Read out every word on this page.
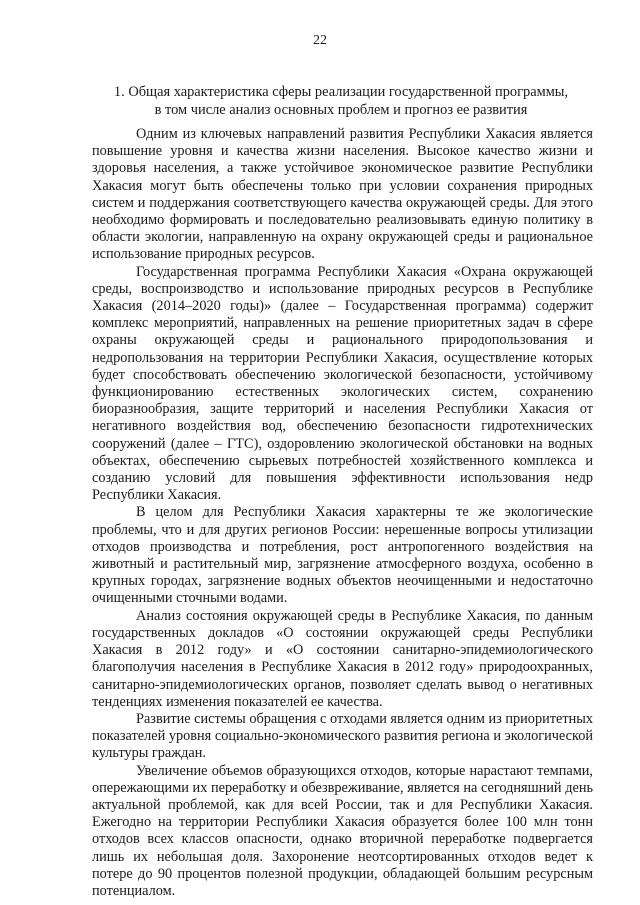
22
1. Общая характеристика сферы реализации государственной программы,
в том числе анализ основных проблем и прогноз ее развития

Одним из ключевых направлений развития Республики Хакасия является повышение уровня и качества жизни населения. Высокое качество жизни и здоровья населения, а также устойчивое экономическое развитие Республики Хакасия могут быть обеспечены только при условии сохранения природных систем и поддержания соответствующего качества окружающей среды. Для этого необходимо формировать и последовательно реализовывать единую политику в области экологии, направленную на охрану окружающей среды и рациональное использование природных ресурсов.

Государственная программа Республики Хакасия «Охрана окружающей среды, воспроизводство и использование природных ресурсов в Республике Хакасия (2014–2020 годы)» (далее – Государственная программа) содержит комплекс мероприятий, направленных на решение приоритетных задач в сфере охраны окружающей среды и рационального природопользования и недропользования на территории Республики Хакасия, осуществление которых будет способствовать обеспечению экологической безопасности, устойчивому функционированию естественных экологических систем, сохранению биоразнообразия, защите территорий и населения Республики Хакасия от негативного воздействия вод, обеспечению безопасности гидротехнических сооружений (далее – ГТС), оздоровлению экологической обстановки на водных объектах, обеспечению сырьевых потребностей хозяйственного комплекса и созданию условий для повышения эффективности использования недр Республики Хакасия.

В целом для Республики Хакасия характерны те же экологические проблемы, что и для других регионов России: нерешенные вопросы утилизации отходов производства и потребления, рост антропогенного воздействия на животный и растительный мир, загрязнение атмосферного воздуха, особенно в крупных городах, загрязнение водных объектов неочищенными и недостаточно очищенными сточными водами.

Анализ состояния окружающей среды в Республике Хакасия, по данным государственных докладов «О состоянии окружающей среды Республики Хакасия в 2012 году» и «О состоянии санитарно-эпидемиологического благополучия населения в Республике Хакасия в 2012 году» природоохранных, санитарно-эпидемиологических органов, позволяет сделать вывод о негативных тенденциях изменения показателей ее качества.

Развитие системы обращения с отходами является одним из приоритетных показателей уровня социально-экономического развития региона и экологической культуры граждан.

Увеличение объемов образующихся отходов, которые нарастают темпами, опережающими их переработку и обезвреживание, является на сегодняшний день актуальной проблемой, как для всей России, так и для Республики Хакасия. Ежегодно на территории Республики Хакасия образуется более 100 млн тонн отходов всех классов опасности, однако вторичной переработке подвергается лишь их небольшая доля. Захоронение неотсортированных отходов ведет к потере до 90 процентов полезной продукции, обладающей большим ресурсным потенциалом.
